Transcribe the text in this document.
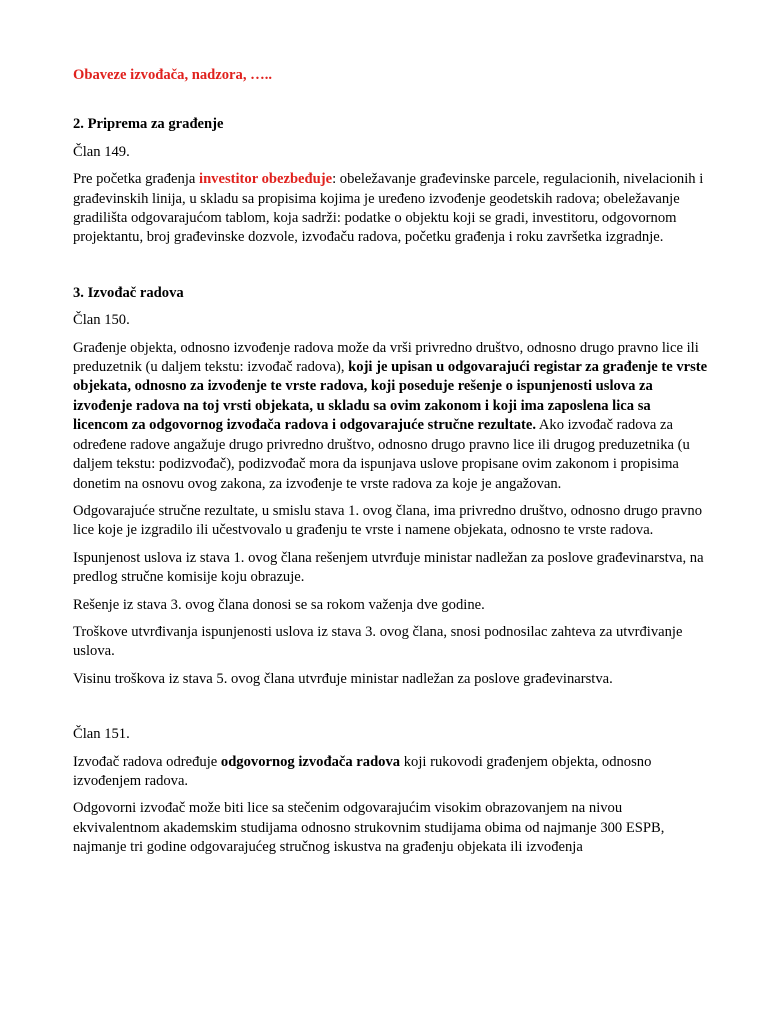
Obaveze izvođača, nadzora, …..
2. Priprema za građenje
Član 149.

Pre početka građenja investitor obezbeđuje: obeležavanje građevinske parcele, regulacionih, nivelacionih i građevinskih linija, u skladu sa propisima kojima je uređeno izvođenje geodetskih radova; obeležavanje gradilišta odgovarajućom tablom, koja sadrži: podatke o objektu koji se gradi, investitoru, odgovornom projektantu, broj građevinske dozvole, izvođaču radova, početku građenja i roku završetka izgradnje.

3. Izvođač radova
Član 150.

Građenje objekta, odnosno izvođenje radova može da vrši privredno društvo, odnosno drugo pravno lice ili preduzetnik (u daljem tekstu: izvođač radova), koji je upisan u odgovarajući registar za građenje te vrste objekata, odnosno za izvođenje te vrste radova, koji poseduje rešenje o ispunjenosti uslova za izvođenje radova na toj vrsti objekata, u skladu sa ovim zakonom i koji ima zaposlena lica sa licencom za odgovornog izvođača radova i odgovarajuće stručne rezultate. Ako izvođač radova za određene radove angažuje drugo privredno društvo, odnosno drugo pravno lice ili drugog preduzetnika (u daljem tekstu: podizvođač), podizvođač mora da ispunjava uslove propisane ovim zakonom i propisima donetim na osnovu ovog zakona, za izvođenje te vrste radova za koje je angažovan.

Odgovarajuće stručne rezultate, u smislu stava 1. ovog člana, ima privredno društvo, odnosno drugo pravno lice koje je izgradilo ili učestvovalo u građenju te vrste i namene objekata, odnosno te vrste radova.

Ispunjenost uslova iz stava 1. ovog člana rešenjem utvrđuje ministar nadležan za poslove građevinarstva, na predlog stručne komisije koju obrazuje.

Rešenje iz stava 3. ovog člana donosi se sa rokom važenja dve godine.

Troškove utvrđivanja ispunjenosti uslova iz stava 3. ovog člana, snosi podnosilac zahteva za utvrđivanje uslova.

Visinu troškova iz stava 5. ovog člana utvrđuje ministar nadležan za poslove građevinarstva.

Član 151.

Izvođač radova određuje odgovornog izvođača radova koji rukovodi građenjem objekta, odnosno izvođenjem radova.

Odgovorni izvođač može biti lice sa stečenim odgovarajućim visokim obrazovanjem na nivou ekvivalentnom akademskim studijama odnosno strukovnim studijama obima od najmanje 300 ESPB, najmanje tri godine odgovarajućeg stručnog iskustva na građenju objekata ili izvođenja
